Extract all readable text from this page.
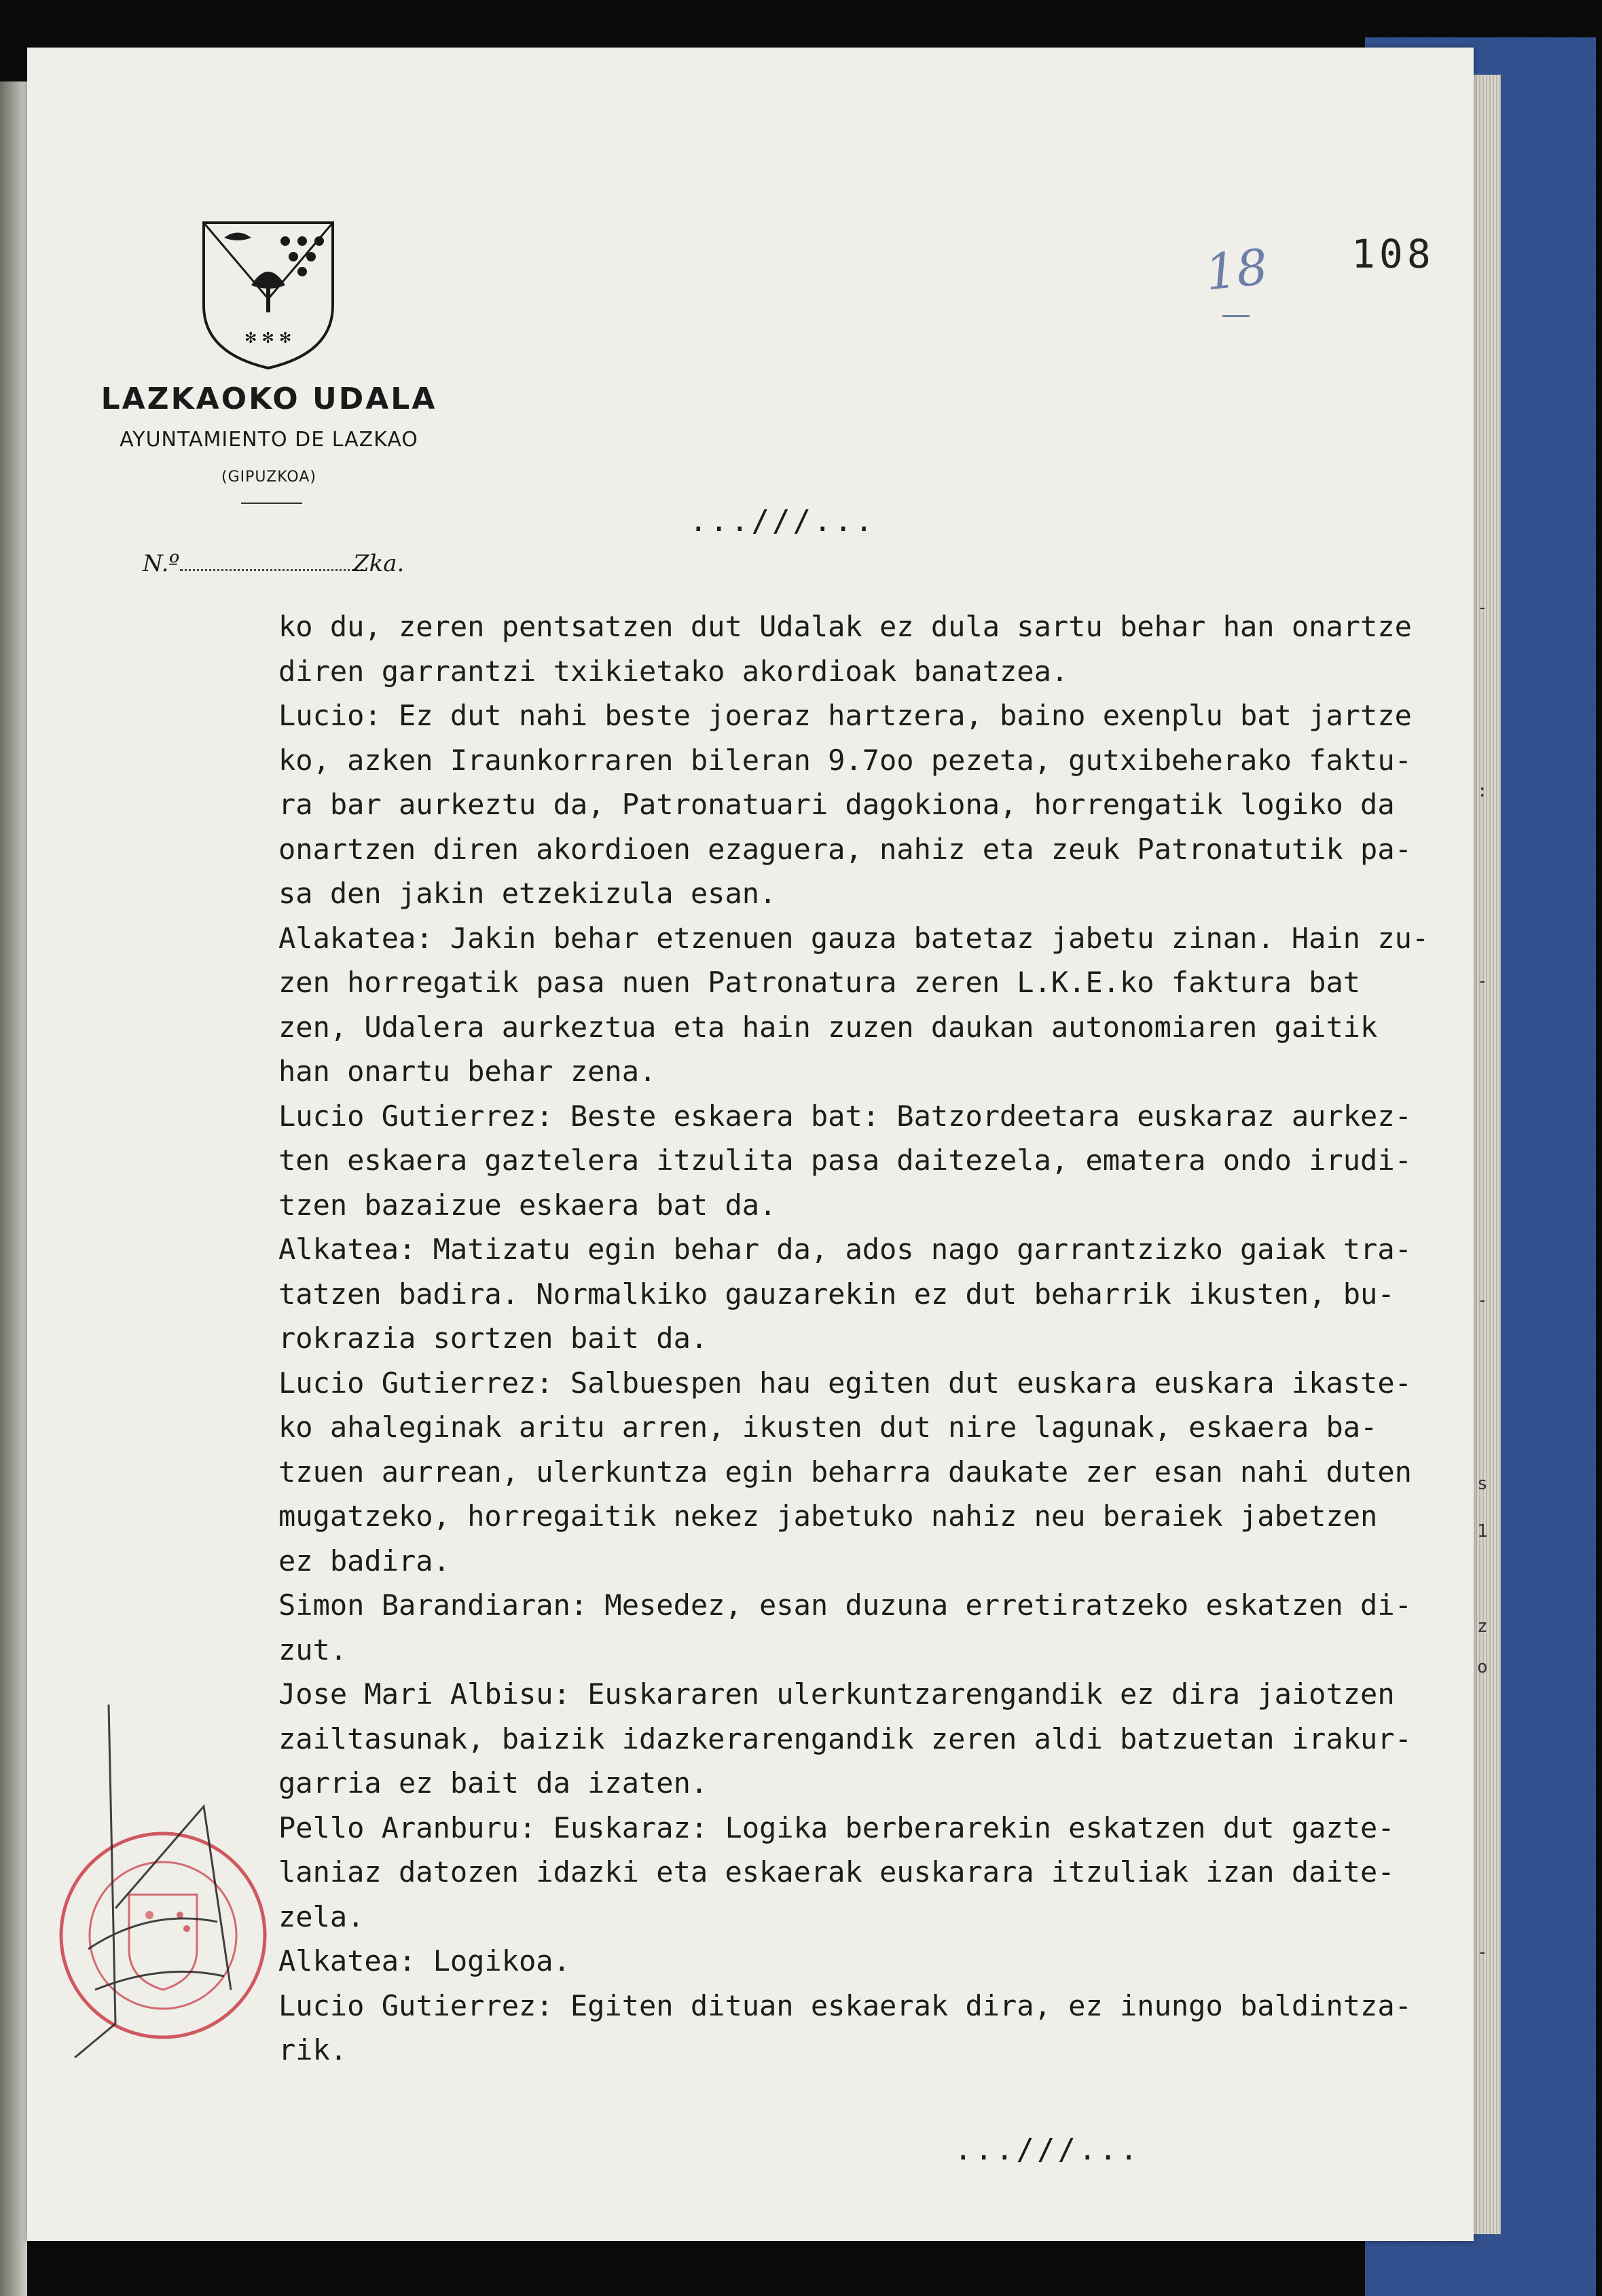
✻ ✻ ✻
LAZKAOKO UDALA
AYUNTAMIENTO DE LAZKAO
(GIPUZKOA)
N.º	Zka.
18 108
...///...
ko du, zeren pentsatzen dut Udalak ez dula sartu behar han onartze
diren garrantzi txikietako akordioak banatzea.
Lucio: Ez dut nahi beste joeraz hartzera, baino exenplu bat jartze
ko, azken Iraunkorraren bileran 9.7oo pezeta, gutxibeherako faktu-
ra bar aurkeztu da, Patronatuari dagokiona, horrengatik logiko da
onartzen diren akordioen ezaguera, nahiz eta zeuk Patronatutik pa-
sa den jakin etzekizula esan.
Alakatea: Jakin behar etzenuen gauza batetaz jabetu zinan. Hain zu-
zen horregatik pasa nuen Patronatura zeren L.K.E.ko faktura bat
zen, Udalera aurkeztua eta hain zuzen daukan autonomiaren gaitik
han onartu behar zena.
Lucio Gutierrez: Beste eskaera bat: Batzordeetara euskaraz aurkez-
ten eskaera gaztelera itzulita pasa daitezela, ematera ondo irudi-
tzen bazaizue eskaera bat da.
Alkatea: Matizatu egin behar da, ados nago garrantzizko gaiak tra-
tatzen badira. Normalkiko gauzarekin ez dut beharrik ikusten, bu-
rokrazia sortzen bait da.
Lucio Gutierrez: Salbuespen hau egiten dut euskara euskara ikaste-
ko ahaleginak aritu arren, ikusten dut nire lagunak, eskaera ba-
tzuen aurrean, ulerkuntza egin beharra daukate zer esan nahi duten
mugatzeko, horregaitik nekez jabetuko nahiz neu beraiek jabetzen
ez badira.
Simon Barandiaran: Mesedez, esan duzuna erretiratzeko eskatzen di-
zut.
Jose Mari Albisu: Euskararen ulerkuntzarengandik ez dira jaiotzen
zailtasunak, baizik idazkerarengandik zeren aldi batzuetan irakur-
garria ez bait da izaten.
Pello Aranburu: Euskaraz: Logika berberarekin eskatzen dut gazte-
laniaz datozen idazki eta eskaerak euskarara itzuliak izan daite-
zela.
Alkatea: Logikoa.
Lucio Gutierrez: Egiten dituan eskaerak dira, ez inungo baldintza-
rik.
...///...
-
:
-
-
s
1
z
o
-
